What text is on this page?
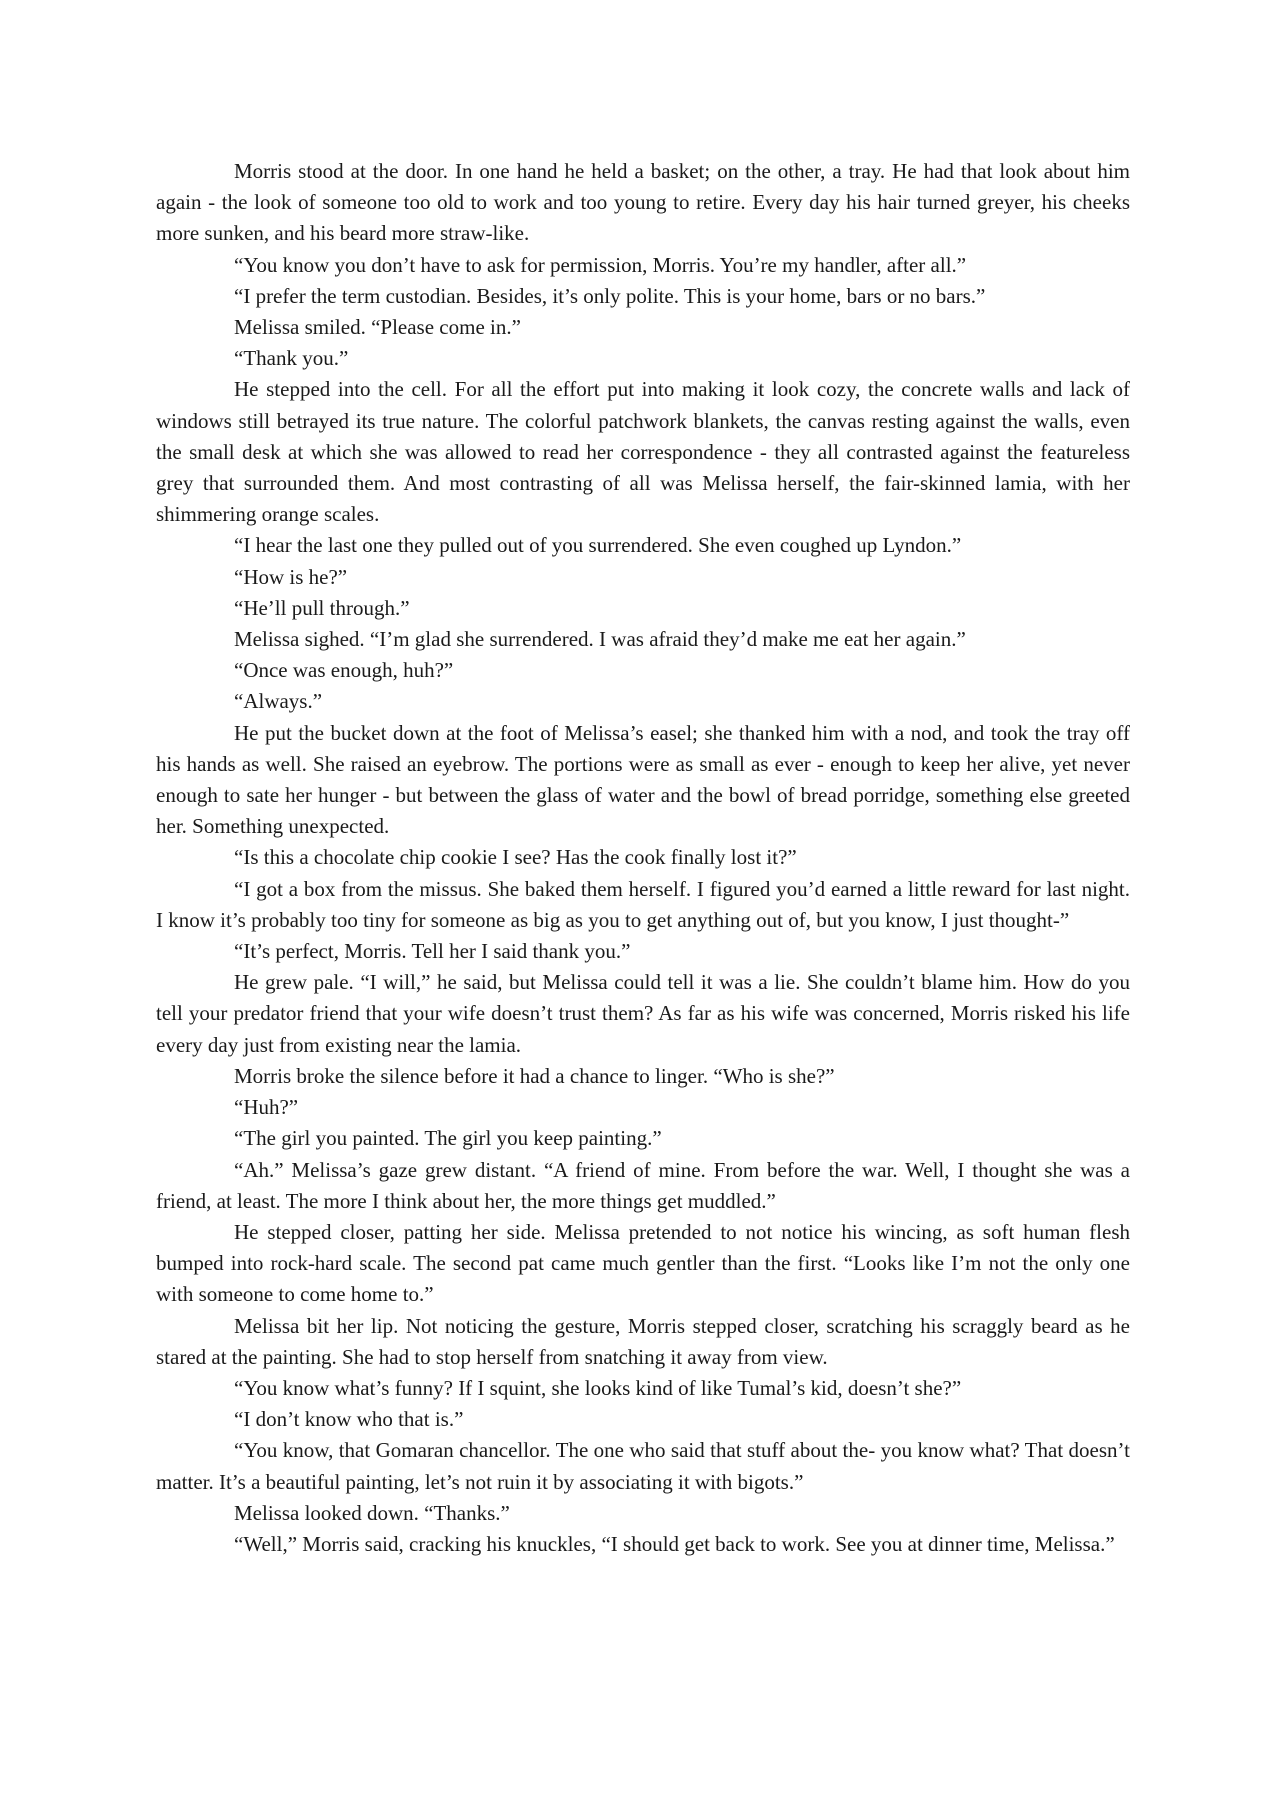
Morris stood at the door. In one hand he held a basket; on the other, a tray. He had that look about him again - the look of someone too old to work and too young to retire. Every day his hair turned greyer, his cheeks more sunken, and his beard more straw-like.

“You know you don’t have to ask for permission, Morris. You’re my handler, after all.”

“I prefer the term custodian. Besides, it’s only polite. This is your home, bars or no bars.”

Melissa smiled. “Please come in.”

“Thank you.”

He stepped into the cell. For all the effort put into making it look cozy, the concrete walls and lack of windows still betrayed its true nature. The colorful patchwork blankets, the canvas resting against the walls, even the small desk at which she was allowed to read her correspondence - they all contrasted against the featureless grey that surrounded them. And most contrasting of all was Melissa herself, the fair-skinned lamia, with her shimmering orange scales.

“I hear the last one they pulled out of you surrendered. She even coughed up Lyndon.”

“How is he?”

“He’ll pull through.”

Melissa sighed. “I’m glad she surrendered. I was afraid they’d make me eat her again.”

“Once was enough, huh?”

“Always.”

He put the bucket down at the foot of Melissa’s easel; she thanked him with a nod, and took the tray off his hands as well. She raised an eyebrow. The portions were as small as ever - enough to keep her alive, yet never enough to sate her hunger - but between the glass of water and the bowl of bread porridge, something else greeted her. Something unexpected.

“Is this a chocolate chip cookie I see? Has the cook finally lost it?”

“I got a box from the missus. She baked them herself. I figured you’d earned a little reward for last night. I know it’s probably too tiny for someone as big as you to get anything out of, but you know, I just thought-”

“It’s perfect, Morris. Tell her I said thank you.”

He grew pale. “I will,” he said, but Melissa could tell it was a lie. She couldn’t blame him. How do you tell your predator friend that your wife doesn’t trust them? As far as his wife was concerned, Morris risked his life every day just from existing near the lamia.

Morris broke the silence before it had a chance to linger. “Who is she?”

“Huh?”

“The girl you painted. The girl you keep painting.”

“Ah.” Melissa’s gaze grew distant. “A friend of mine. From before the war. Well, I thought she was a friend, at least. The more I think about her, the more things get muddled.”

He stepped closer, patting her side. Melissa pretended to not notice his wincing, as soft human flesh bumped into rock-hard scale. The second pat came much gentler than the first. “Looks like I’m not the only one with someone to come home to.”

Melissa bit her lip. Not noticing the gesture, Morris stepped closer, scratching his scraggly beard as he stared at the painting. She had to stop herself from snatching it away from view.

“You know what’s funny? If I squint, she looks kind of like Tumal’s kid, doesn’t she?”

“I don’t know who that is.”

“You know, that Gomaran chancellor. The one who said that stuff about the- you know what? That doesn’t matter. It’s a beautiful painting, let’s not ruin it by associating it with bigots.”

Melissa looked down. “Thanks.”

“Well,” Morris said, cracking his knuckles, “I should get back to work. See you at dinner time, Melissa.”
